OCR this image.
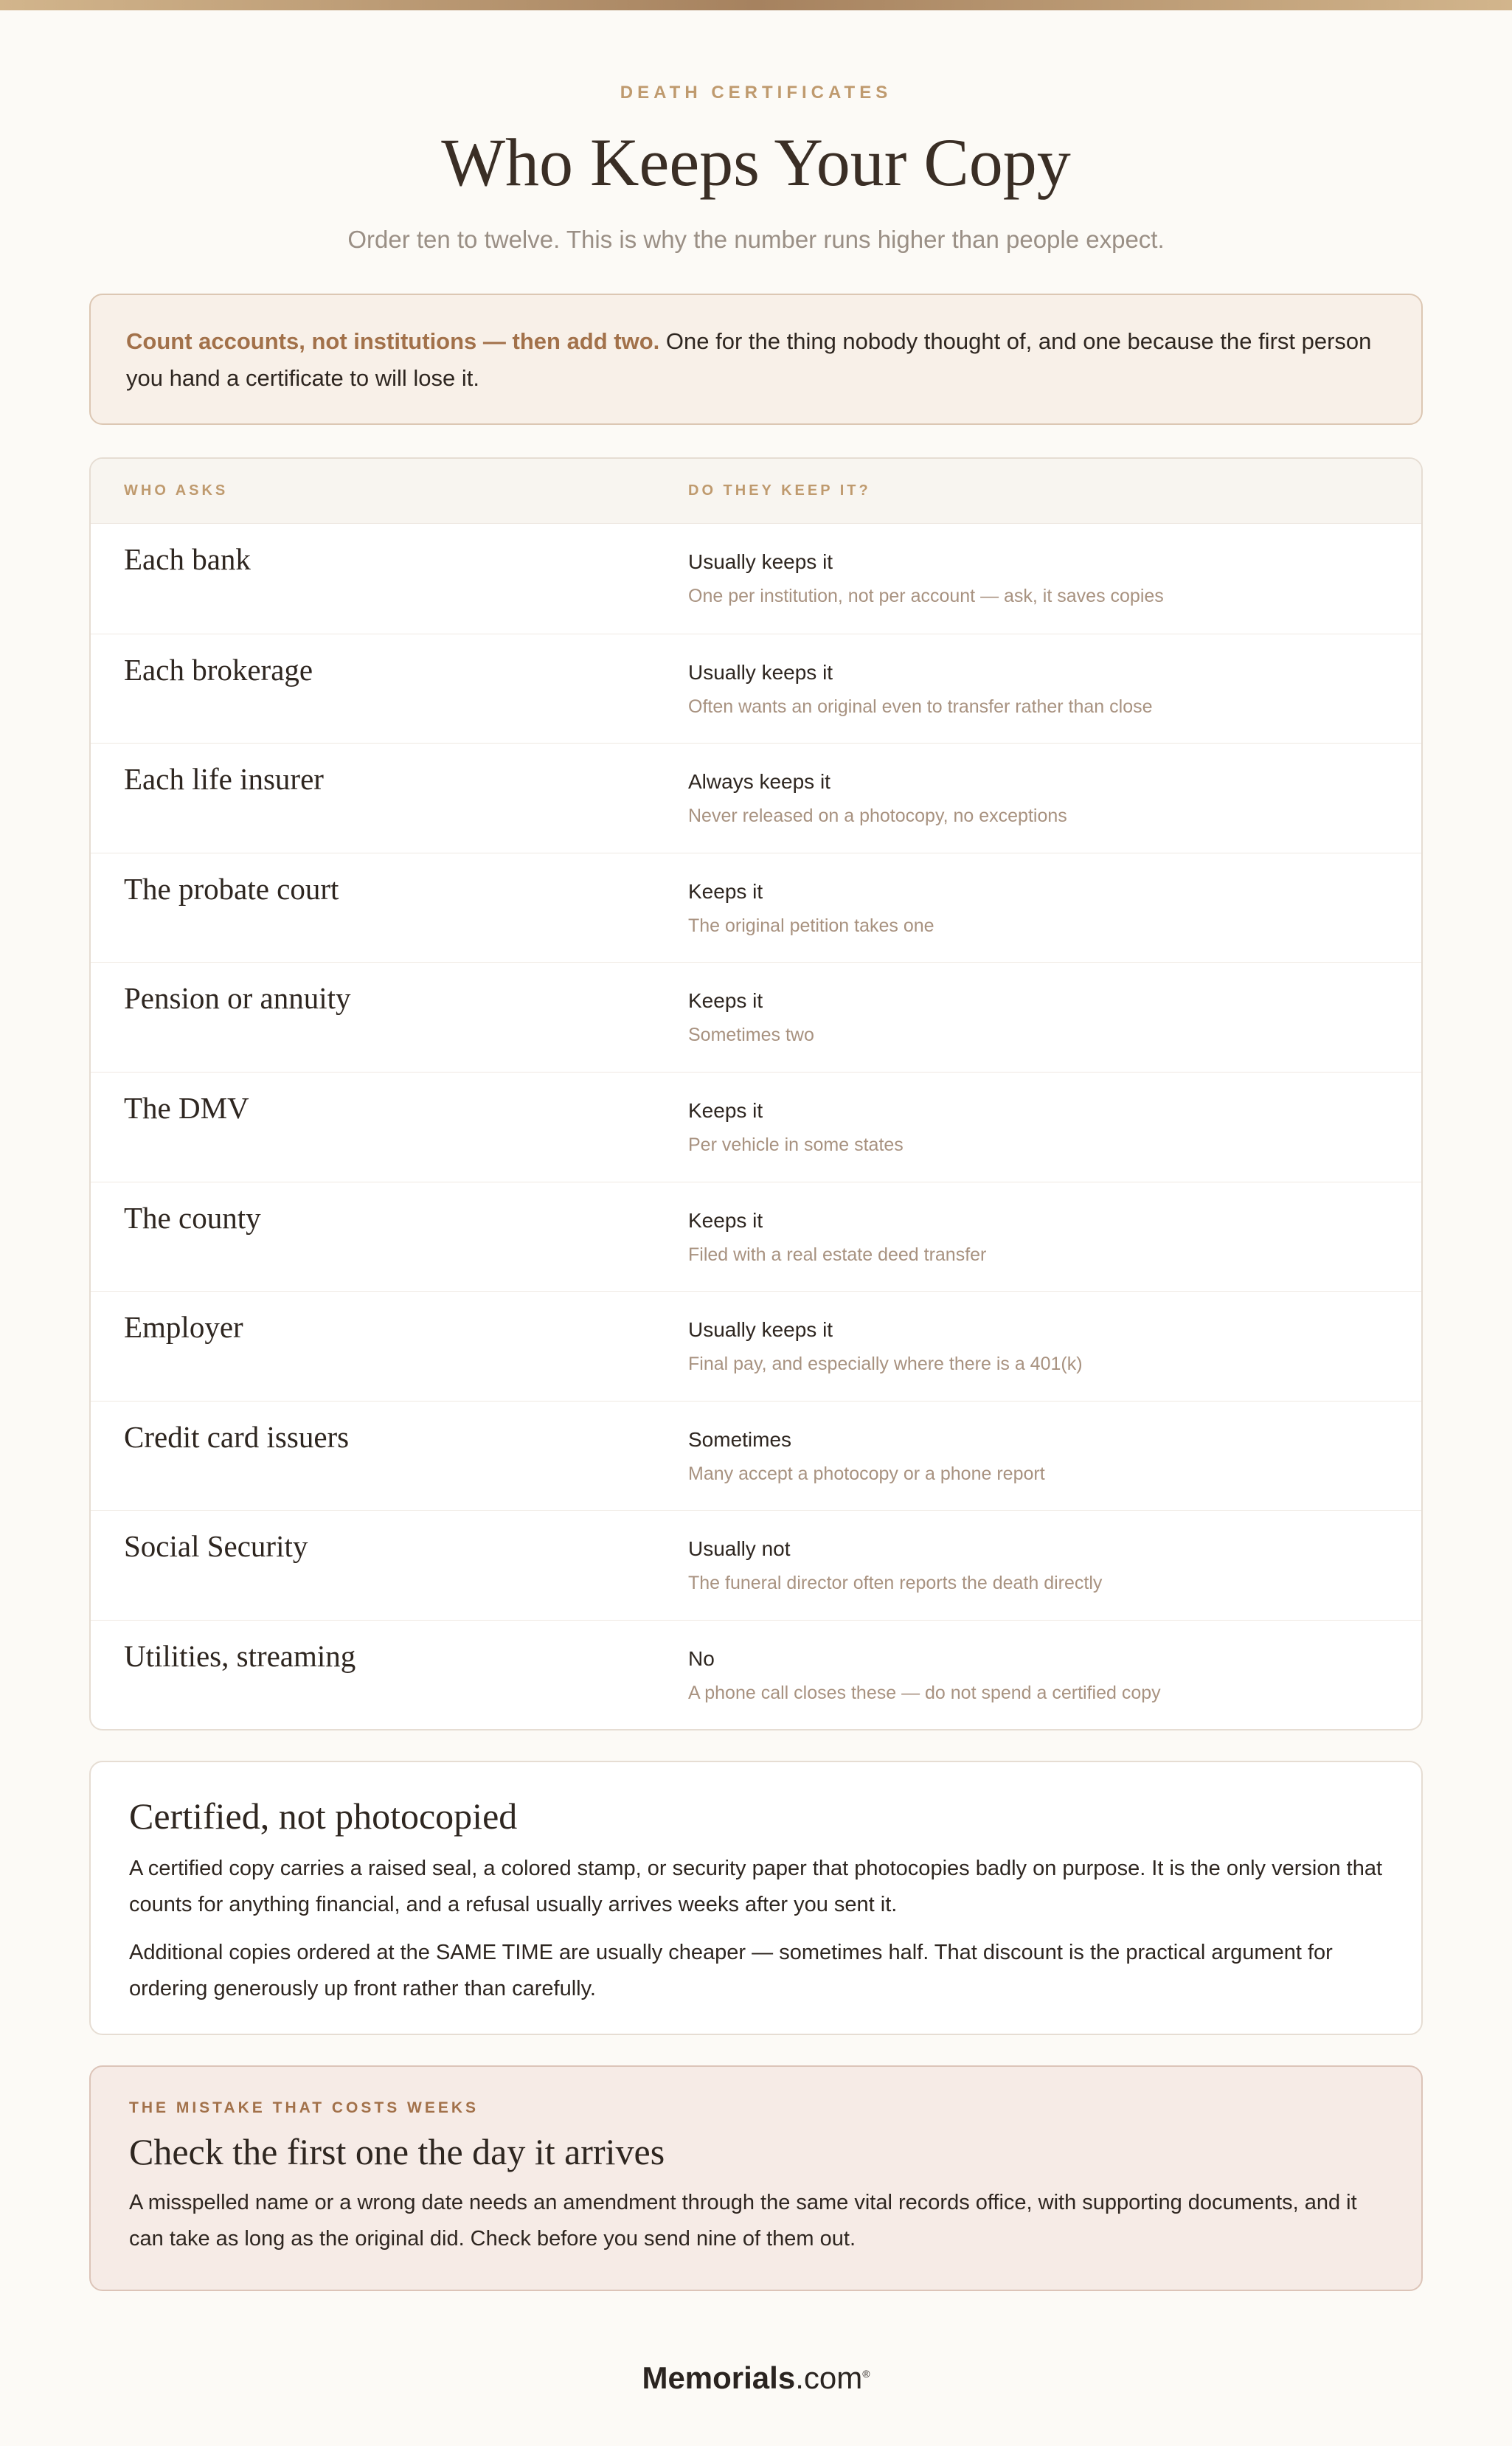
DEATH CERTIFICATES
Who Keeps Your Copy
Order ten to twelve. This is why the number runs higher than people expect.
Count accounts, not institutions — then add two. One for the thing nobody thought of, and one because the first person you hand a certificate to will lose it.
WHO ASKS	DO THEY KEEP IT?
Each bank	Usually keeps it
One per institution, not per account — ask, it saves copies
Each brokerage	Usually keeps it
Often wants an original even to transfer rather than close
Each life insurer	Always keeps it
Never released on a photocopy, no exceptions
The probate court	Keeps it
The original petition takes one
Pension or annuity	Keeps it
Sometimes two
The DMV	Keeps it
Per vehicle in some states
The county	Keeps it
Filed with a real estate deed transfer
Employer	Usually keeps it
Final pay, and especially where there is a 401(k)
Credit card issuers	Sometimes
Many accept a photocopy or a phone report
Social Security	Usually not
The funeral director often reports the death directly
Utilities, streaming	No
A phone call closes these — do not spend a certified copy
Certified, not photocopied

A certified copy carries a raised seal, a colored stamp, or security paper that photocopies badly on purpose. It is the only version that counts for anything financial, and a refusal usually arrives weeks after you sent it.

Additional copies ordered at the SAME TIME are usually cheaper — sometimes half. That discount is the practical argument for ordering generously up front rather than carefully.

THE MISTAKE THAT COSTS WEEKS
Check the first one the day it arrives

A misspelled name or a wrong date needs an amendment through the same vital records office, with supporting documents, and it can take as long as the original did. Check before you send nine of them out.

Memorials.com®
